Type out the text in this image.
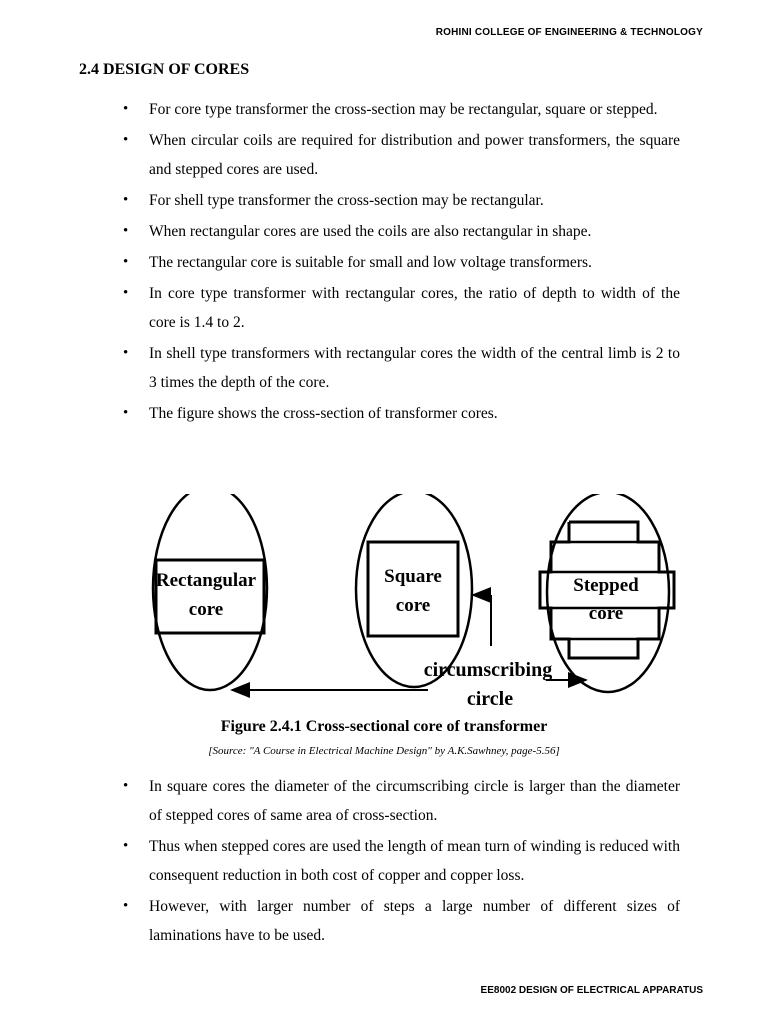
ROHINI COLLEGE OF ENGINEERING & TECHNOLOGY
2.4 DESIGN OF CORES
• For core type transformer the cross-section may be rectangular, square or stepped.
• When circular coils are required for distribution and power transformers, the square and stepped cores are used.
• For shell type transformer the cross-section may be rectangular.
• When rectangular cores are used the coils are also rectangular in shape.
• The rectangular core is suitable for small and low voltage transformers.
• In core type transformer with rectangular cores, the ratio of depth to width of the core is 1.4 to 2.
• In shell type transformers with rectangular cores the width of the central limb is 2 to 3 times the depth of the core.
• The figure shows the cross-section of transformer cores.
Rectangular
core
Square
core
Stepped
core
circumscribing
circle
Figure 2.4.1 Cross-sectional core of transformer
[Source: "A Course in Electrical Machine Design" by A.K.Sawhney, page-5.56]
• In square cores the diameter of the circumscribing circle is larger than the diameter of stepped cores of same area of cross-section.
• Thus when stepped cores are used the length of mean turn of winding is reduced with consequent reduction in both cost of copper and copper loss.
• However, with larger number of steps a large number of different sizes of laminations have to be used.
EE8002 DESIGN OF ELECTRICAL APPARATUS
